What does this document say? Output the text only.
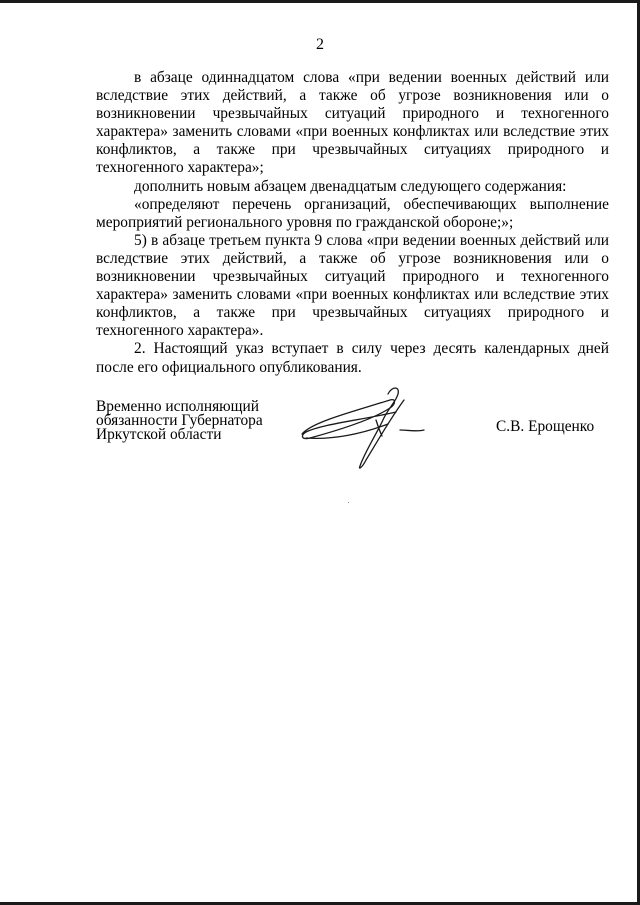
2

в абзаце одиннадцатом слова «при ведении военных действий или вследствие этих действий, а также об угрозе возникновения или о возникновении чрезвычайных ситуаций природного и техногенного характера» заменить словами «при военных конфликтах или вследствие этих конфликтов, а также при чрезвычайных ситуациях природного и техногенного характера»;

дополнить новым абзацем двенадцатым следующего содержания:

«определяют перечень организаций, обеспечивающих выполнение мероприятий регионального уровня по гражданской обороне;»;

5) в абзаце третьем пункта 9 слова «при ведении военных действий или вследствие этих действий, а также об угрозе возникновения или о возникновении чрезвычайных ситуаций природного и техногенного характера» заменить словами «при военных конфликтах или вследствие этих конфликтов, а также при чрезвычайных ситуациях природного и техногенного характера».

2. Настоящий указ вступает в силу через десять календарных дней после его официального опубликования.

Временно исполняющий
обязанности Губернатора
Иркутской области	С.В. Ерощенко
